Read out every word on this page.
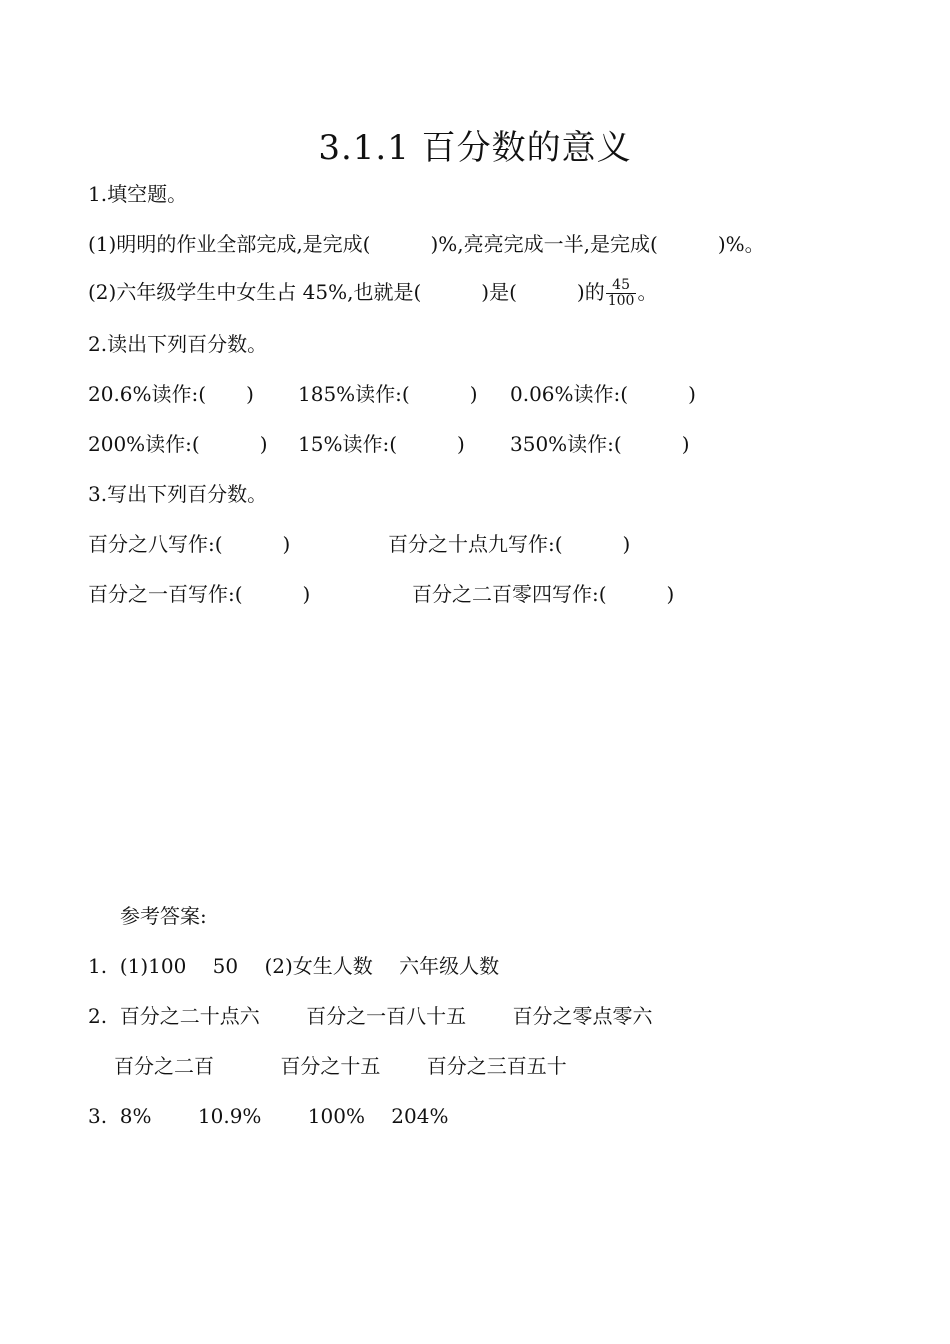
3.1.1 百分数的意义
1.填空题。
(1)明明的作业全部完成,是完成(　　　)%,亮亮完成一半,是完成(　　　)%。
(2)六年级学生中女生占 45%,也就是(　　　)是(　　　)的 $\frac{45}{100}$ 。
2.读出下列百分数。
20.6%读作:(　　) 185%读作:(　　　) 0.06%读作:(　　　)
200%读作:(　　　) 15%读作:(　　　) 350%读作:(　　　)
3.写出下列百分数。
百分之八写作:(　　　)	百分之十点九写作:(　　　)
百分之一百写作:(　　　)	百分之二百零四写作:(　　　)
参考答案:
1.  (1)100　 50　 (2)女生人数　 六年级人数
2.  百分之二十点六　　 百分之一百八十五　　 百分之零点零六
百分之二百　　　 百分之十五　　 百分之三百五十
3.  8%　　 10.9%　　 100%　 204%
